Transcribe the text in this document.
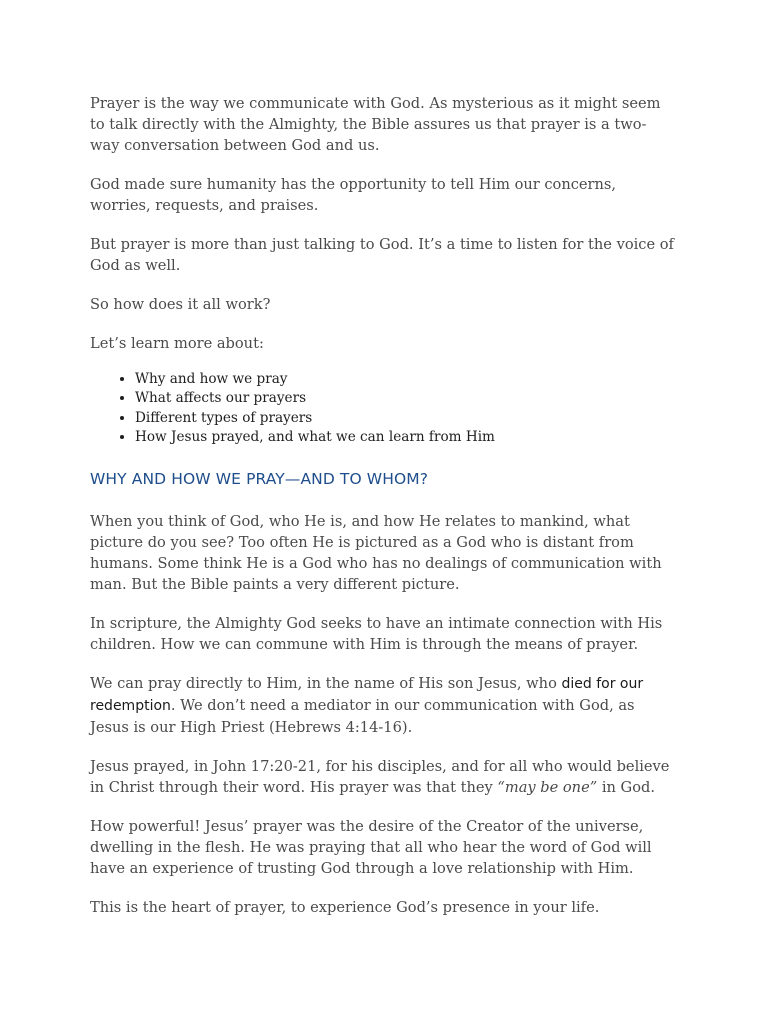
Prayer is the way we communicate with God. As mysterious as it might seem to talk directly with the Almighty, the Bible assures us that prayer is a two-way conversation between God and us.

God made sure humanity has the opportunity to tell Him our concerns, worries, requests, and praises.

But prayer is more than just talking to God. It’s a time to listen for the voice of God as well.

So how does it all work?

Let’s learn more about:

• Why and how we pray
• What affects our prayers
• Different types of prayers
• How Jesus prayed, and what we can learn from Him
WHY AND HOW WE PRAY—AND TO WHOM?

When you think of God, who He is, and how He relates to mankind, what picture do you see? Too often He is pictured as a God who is distant from humans. Some think He is a God who has no dealings of communication with man. But the Bible paints a very different picture.

In scripture, the Almighty God seeks to have an intimate connection with His children. How we can commune with Him is through the means of prayer.

We can pray directly to Him, in the name of His son Jesus, who died for our redemption. We don’t need a mediator in our communication with God, as Jesus is our High Priest (Hebrews 4:14-16).

Jesus prayed, in John 17:20-21, for his disciples, and for all who would believe in Christ through their word. His prayer was that they “may be one” in God.

How powerful! Jesus’ prayer was the desire of the Creator of the universe, dwelling in the flesh. He was praying that all who hear the word of God will have an experience of trusting God through a love relationship with Him.

This is the heart of prayer, to experience God’s presence in your life.
